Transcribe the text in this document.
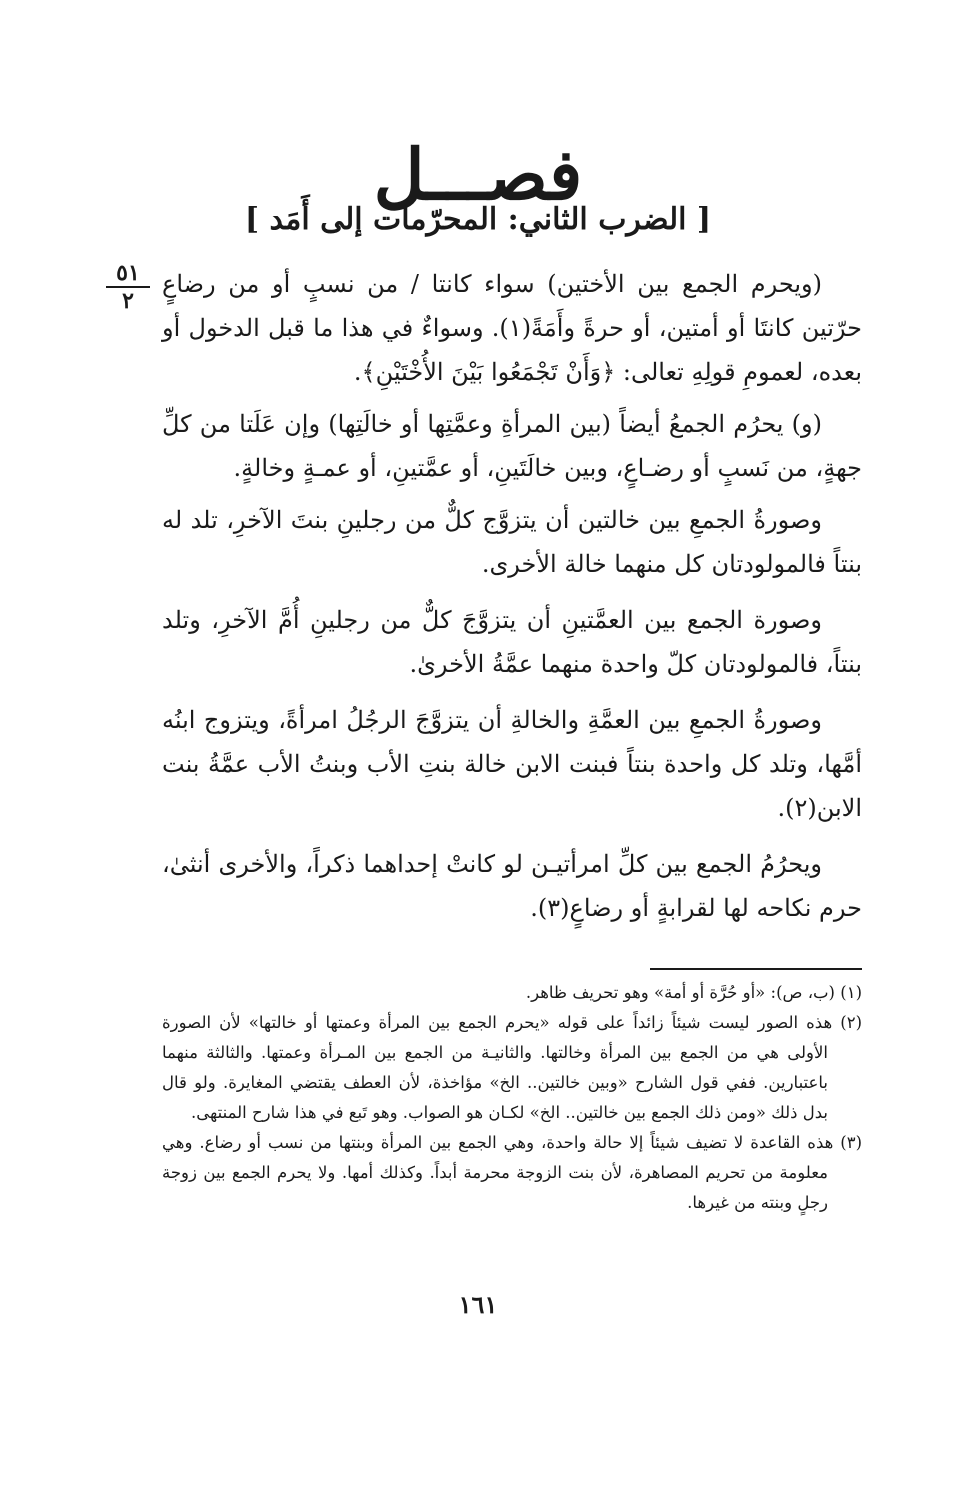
فصـــل
[ الضرب الثاني: المحرّمات إلى أَمَد ]
٥١
٢

(ويحرم الجمع بين الأختين) سواء كانتا / من نسبٍ أو من رضاعٍ حرّتين كانتَا أو أمتين، أو حرةً وأَمَةً(١). وسواءٌ في هذا ما قبل الدخول أو بعده، لعمومِ قولِهِ تعالى: ﴿وَأَنْ تَجْمَعُوا بَيْنَ الأُخْتَيْنِ﴾.

(و) يحرُم الجمعُ أيضاً (بين المرأةِ وعمَّتِها أو خالَتِها) وإن عَلَتا من كلِّ جهةٍ، من نَسبٍ أو رضـاعٍ، وبين خالَتَينِ، أو عمَّتينِ، أو عمـةٍ وخالةٍ.

وصورةُ الجمعِ بين خالتين أن يتزوَّج كلٌّ من رجلينِ بنتَ الآخرِ، تلد له بنتاً فالمولودتان كل منهما خالة الأخرى.

وصورة الجمع بين العمَّتينِ أن يتزوَّجَ كلٌّ من رجلينِ أُمَّ الآخرِ، وتلد بنتاً، فالمولودتان كلّ واحدة منهما عمَّةُ الأخرىٰ.

وصورةُ الجمعِ بين العمَّةِ والخالةِ أن يتزوَّجَ الرجُلُ امرأةً، ويتزوج ابنُه أمَّها، وتلد كل واحدة بنتاً فبنت الابن خالة بنتِ الأب وبنتُ الأب عمَّةُ بنت الابن(٢).

ويحرُمُ الجمع بين كلِّ امرأتيـن لو كانتْ إحداهما ذكراً، والأخرى أنثىٰ، حرم نكاحه لها لقرابةٍ أو رضاعٍ(٣).

(١) (ب، ص): «أو حُرَّة أو أمة» وهو تحريف ظاهر.

(٢) هذه الصور ليست شيئاً زائداً على قوله «يحرم الجمع بين المرأة وعمتها أو خالتها» لأن الصورة الأولى هي من الجمع بين المرأة وخالتها. والثانيـة من الجمع بين المـرأة وعمتها. والثالثة منهما باعتبارين. ففي قول الشارح «وبين خالتين.. الخ» مؤاخذة، لأن العطف يقتضي المغايرة. ولو قال بدل ذلك «ومن ذلك الجمع بين خالتين.. الخ» لكـان هو الصواب. وهو تَبع في هذا شارح المنتهى.

(٣) هذه القاعدة لا تضيف شيئاً إلا حالة واحدة، وهي الجمع بين المرأة وبنتها من نسب أو رضاع. وهي معلومة من تحريم المصاهرة، لأن بنت الزوجة محرمة أبداً. وكذلك أمها. ولا يحرم الجمع بين زوجة رجلٍ وبنته من غيرها.

١٦١
